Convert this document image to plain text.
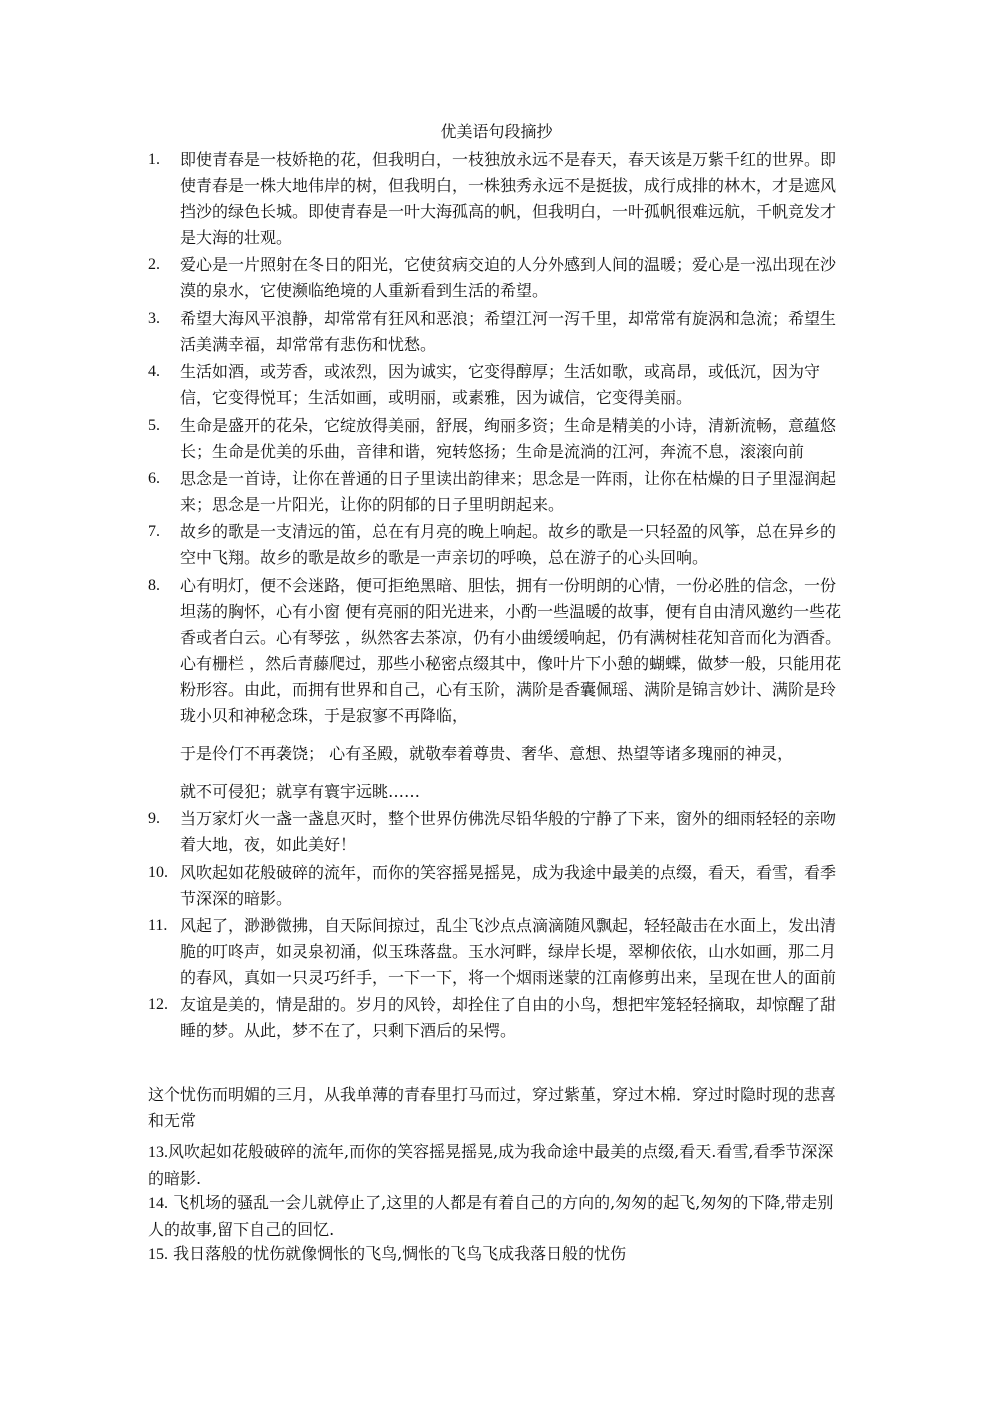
优美语句段摘抄
1. 即使青春是一枝娇艳的花，但我明白，一枝独放永远不是春天，春天该是万紫千红的世界。即使青春是一株大地伟岸的树，但我明白，一株独秀永远不是挺拔，成行成排的林木，才是遮风挡沙的绿色长城。即使青春是一叶大海孤高的帆，但我明白，一叶孤帆很难远航，千帆竞发才是大海的壮观。
2. 爱心是一片照射在冬日的阳光，它使贫病交迫的人分外感到人间的温暖；爱心是一泓出现在沙漠的泉水，它使濒临绝境的人重新看到生活的希望。
3. 希望大海风平浪静，却常常有狂风和恶浪；希望江河一泻千里，却常常有旋涡和急流；希望生活美满幸福，却常常有悲伤和忧愁。
4. 生活如酒，或芳香，或浓烈，因为诚实，它变得醇厚；生活如歌，或高昂，或低沉，因为守信，它变得悦耳；生活如画，或明丽，或素雅，因为诚信，它变得美丽。
5. 生命是盛开的花朵，它绽放得美丽，舒展，绚丽多资；生命是精美的小诗，清新流畅，意蕴悠长；生命是优美的乐曲，音律和谐，宛转悠扬；生命是流淌的江河，奔流不息，滚滚向前
6. 思念是一首诗，让你在普通的日子里读出韵律来；思念是一阵雨，让你在枯燥的日子里湿润起来；思念是一片阳光，让你的阴郁的日子里明朗起来。
7. 故乡的歌是一支清远的笛，总在有月亮的晚上响起。故乡的歌是一只轻盈的风筝，总在异乡的空中飞翔。故乡的歌是故乡的歌是一声亲切的呼唤，总在游子的心头回响。
8. 心有明灯，便不会迷路，便可拒绝黑暗、胆怯，拥有一份明朗的心情，一份必胜的信念，一份坦荡的胸怀，心有小窗 便有亮丽的阳光进来，小酌一些温暖的故事，便有自由清风邀约一些花香或者白云。心有琴弦 ，纵然客去茶凉，仍有小曲缓缓响起，仍有满树桂花知音而化为酒香。心有栅栏 ，然后青藤爬过，那些小秘密点缀其中，像叶片下小憩的蝴蝶，做梦一般，只能用花粉形容。由此，而拥有世界和自己，心有玉阶，满阶是香囊佩瑶、满阶是锦言妙计、满阶是玲珑小贝和神秘念珠，于是寂寥不再降临，
于是伶仃不再袭饶； 心有圣殿，就敬奉着尊贵、奢华、意想、热望等诸多瑰丽的神灵，
就不可侵犯；就享有寰宇远眺……
9. 当万家灯火一盏一盏息灭时，整个世界仿佛洗尽铅华般的宁静了下来，窗外的细雨轻轻的亲吻着大地，夜，如此美好！
10. 风吹起如花般破碎的流年，而你的笑容摇晃摇晃，成为我途中最美的点缀，看天，看雪，看季节深深的暗影。
11. 风起了，渺渺微拂，自天际间掠过，乱尘飞沙点点滴滴随风飘起，轻轻敲击在水面上，发出清脆的叮咚声，如灵泉初涌，似玉珠落盘。玉水河畔，绿岸长堤，翠柳依依，山水如画，那二月的春风，真如一只灵巧纤手，一下一下，将一个烟雨迷蒙的江南修剪出来，呈现在世人的面前
12. 友谊是美的，情是甜的。岁月的风铃，却拴住了自由的小鸟，想把牢笼轻轻摘取，却惊醒了甜睡的梦。从此，梦不在了，只剩下酒后的呆愕。
这个忧伤而明媚的三月，从我单薄的青春里打马而过，穿过紫堇，穿过木棉．穿过时隐时现的悲喜和无常
13.风吹起如花般破碎的流年,而你的笑容摇晃摇晃,成为我命途中最美的点缀,看天.看雪,看季节深深的暗影.
14. 飞机场的骚乱一会儿就停止了,这里的人都是有着自己的方向的,匆匆的起飞,匆匆的下降,带走别人的故事,留下自己的回忆.
15. 我日落般的忧伤就像惆怅的飞鸟,惆怅的飞鸟飞成我落日般的忧伤
